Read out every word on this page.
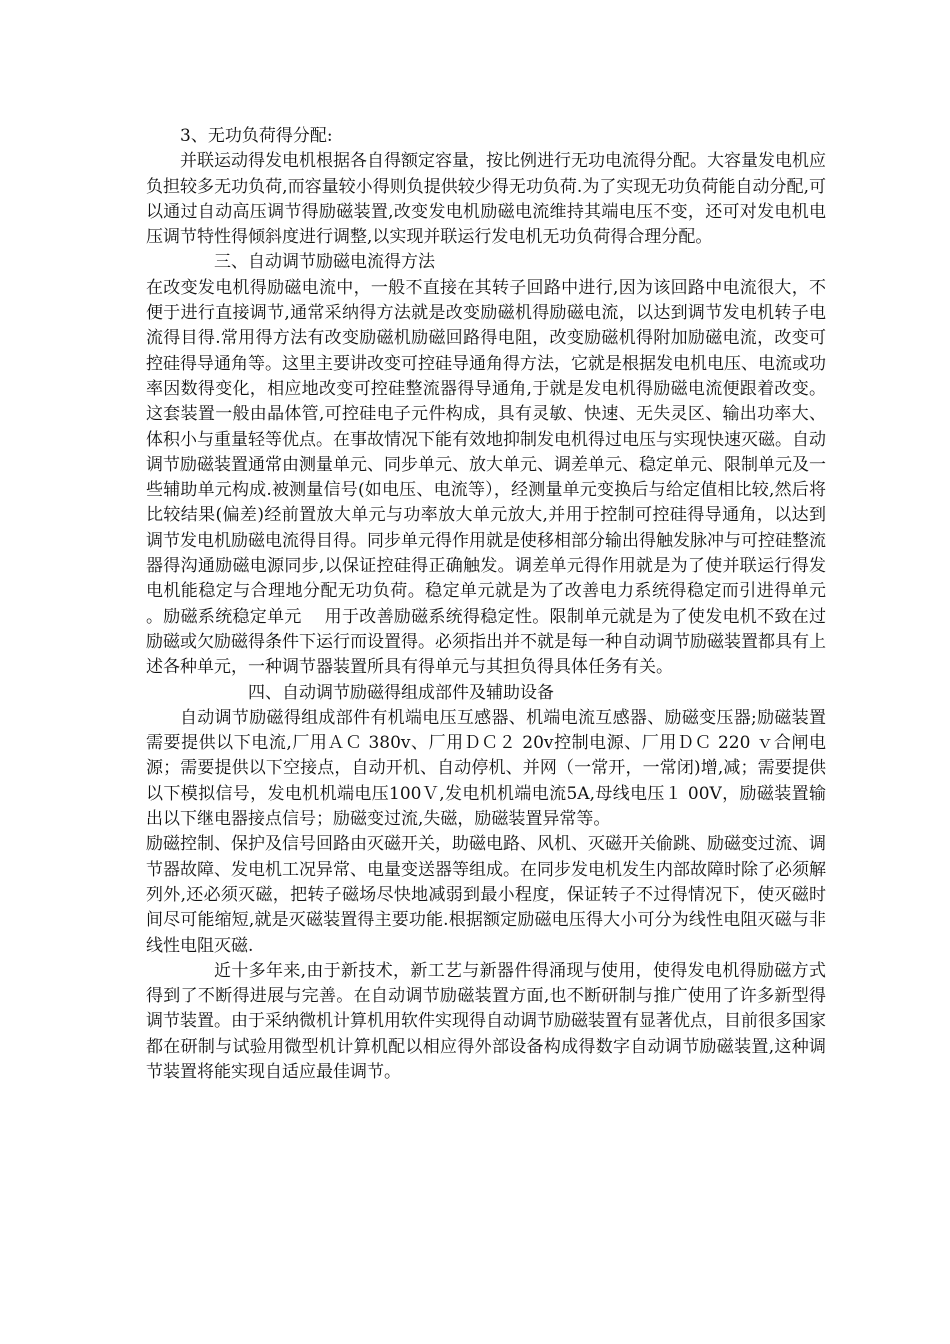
3、无功负荷得分配:

并联运动得发电机根据各自得额定容量，按比例进行无功电流得分配。大容量发电机应负担较多无功负荷,而容量较小得则负提供较少得无功负荷.为了实现无功负荷能自动分配,可以通过自动高压调节得励磁装置,改变发电机励磁电流维持其端电压不变，还可对发电机电压调节特性得倾斜度进行调整,以实现并联运行发电机无功负荷得合理分配。

三、自动调节励磁电流得方法

在改变发电机得励磁电流中，一般不直接在其转子回路中进行,因为该回路中电流很大，不便于进行直接调节,通常采纳得方法就是改变励磁机得励磁电流，以达到调节发电机转子电流得目得.常用得方法有改变励磁机励磁回路得电阻，改变励磁机得附加励磁电流，改变可控硅得导通角等。这里主要讲改变可控硅导通角得方法，它就是根据发电机电压、电流或功率因数得变化，相应地改变可控硅整流器得导通角,于就是发电机得励磁电流便跟着改变。这套装置一般由晶体管,可控硅电子元件构成，具有灵敏、快速、无失灵区、输出功率大、体积小与重量轻等优点。在事故情况下能有效地抑制发电机得过电压与实现快速灭磁。自动调节励磁装置通常由测量单元、同步单元、放大单元、调差单元、稳定单元、限制单元及一些辅助单元构成.被测量信号(如电压、电流等），经测量单元变换后与给定值相比较,然后将比较结果(偏差)经前置放大单元与功率放大单元放大,并用于控制可控硅得导通角，以达到调节发电机励磁电流得目得。同步单元得作用就是使移相部分输出得触发脉冲与可控硅整流器得沟通励磁电源同步,以保证控硅得正确触发。调差单元得作用就是为了使并联运行得发电机能稳定与合理地分配无功负荷。稳定单元就是为了改善电力系统得稳定而引进得单元 。励磁系统稳定单元　 用于改善励磁系统得稳定性。限制单元就是为了使发电机不致在过励磁或欠励磁得条件下运行而设置得。必须指出并不就是每一种自动调节励磁装置都具有上述各种单元，一种调节器装置所具有得单元与其担负得具体任务有关。

四、自动调节励磁得组成部件及辅助设备

自动调节励磁得组成部件有机端电压互感器、机端电流互感器、励磁变压器;励磁装置需要提供以下电流,厂用ＡＣ 380v、厂用ＤＣ２ 20v控制电源、厂用ＤＣ 220 ｖ合闸电源；需要提供以下空接点，自动开机、自动停机、并网（一常开，一常闭)增,减；需要提供以下模拟信号，发电机机端电压100Ｖ,发电机机端电流5A,母线电压１ 00V，励磁装置输出以下继电器接点信号；励磁变过流,失磁，励磁装置异常等。

励磁控制、保护及信号回路由灭磁开关，助磁电路、风机、灭磁开关偷跳、励磁变过流、调节器故障、发电机工况异常、电量变送器等组成。在同步发电机发生内部故障时除了必须解列外,还必须灭磁，把转子磁场尽快地减弱到最小程度，保证转子不过得情况下，使灭磁时间尽可能缩短,就是灭磁装置得主要功能.根据额定励磁电压得大小可分为线性电阻灭磁与非线性电阻灭磁.

近十多年来,由于新技术，新工艺与新器件得涌现与使用，使得发电机得励磁方式得到了不断得进展与完善。在自动调节励磁装置方面,也不断研制与推广使用了许多新型得调节装置。由于采纳微机计算机用软件实现得自动调节励磁装置有显著优点，目前很多国家都在研制与试验用微型机计算机配以相应得外部设备构成得数字自动调节励磁装置,这种调节装置将能实现自适应最佳调节。
